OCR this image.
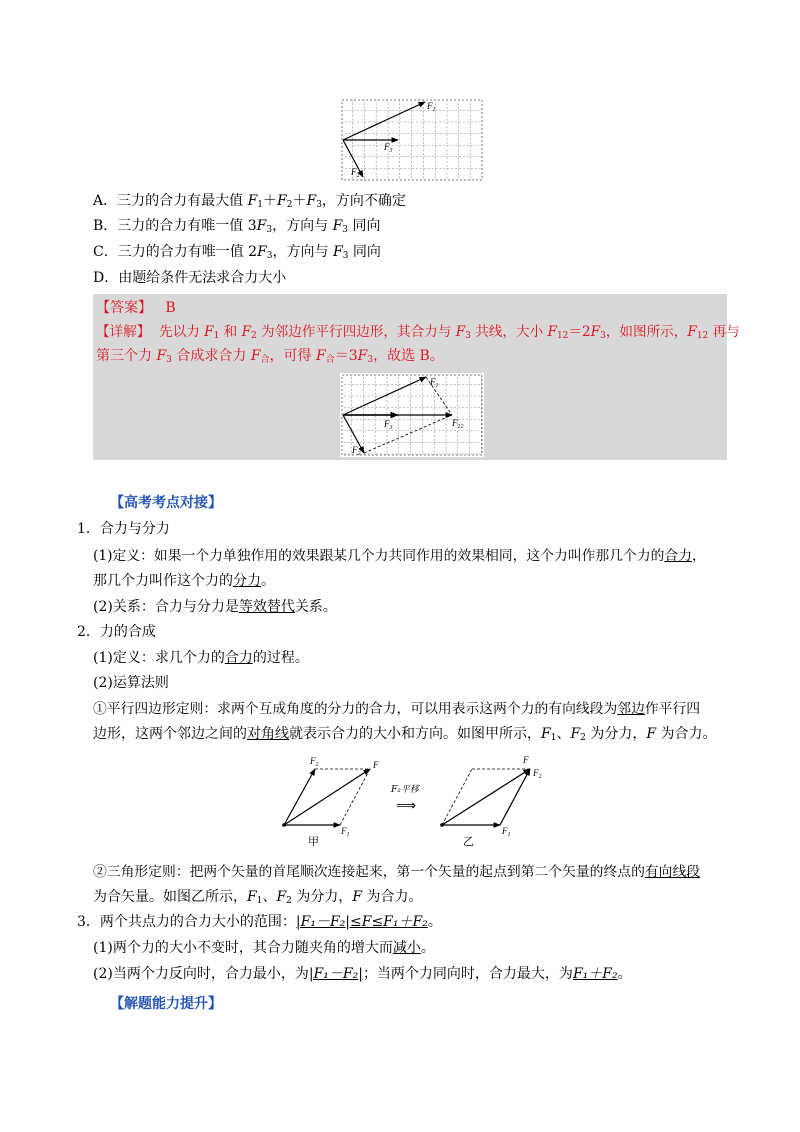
$F_1$
$F_3$
$F_2$
A．三力的合力有最大值 $F_1+F_2+F_3$，方向不确定
B．三力的合力有唯一值 $3F_3$，方向与 $F_3$ 同向
C．三力的合力有唯一值 $2F_3$，方向与 $F_3$ 同向
D．由题给条件无法求合力大小
【答案】 B
【详解】 先以力 $F_1$ 和 $F_2$ 为邻边作平行四边形，其合力与 $F_3$ 共线，大小 $F_{12}=2F_3$，如图所示，$F_{12}$ 再与
第三个力 $F_3$ 合成求合力 $F_合$，可得 $F_合=3F_3$，故选 B。
$F_1$
$F_3$	$F_{12}$
$F_2$
【高考考点对接】
1．合力与分力
(1)定义：如果一个力单独作用的效果跟某几个力共同作用的效果相同，这个力叫作那几个力的合力，
那几个力叫作这个力的分力。
(2)关系：合力与分力是等效替代关系。
2．力的合成
(1)定义：求几个力的合力的过程。
(2)运算法则
①平行四边形定则：求两个互成角度的分力的合力，可以用表示这两个力的有向线段为邻边作平行四
边形，这两个邻边之间的对角线就表示合力的大小和方向。如图甲所示，$F_1$、$F_2$ 为分力，F 为合力。
$F_2$	F
$F_1$
甲
F₂平移
⟹
F
$F_2$
$F_1$
乙
②三角形定则：把两个矢量的首尾顺次连接起来，第一个矢量的起点到第二个矢量的终点的有向线段
为合矢量。如图乙所示，$F_1$、$F_2$ 为分力，F 为合力。
3．两个共点力的合力大小的范围：|F₁－F₂|≤F≤F₁＋F₂。
(1)两个力的大小不变时，其合力随夹角的增大而减小。
(2)当两个力反向时，合力最小，为|F₁－F₂|；当两个力同向时，合力最大，为F₁＋F₂。
【解题能力提升】
